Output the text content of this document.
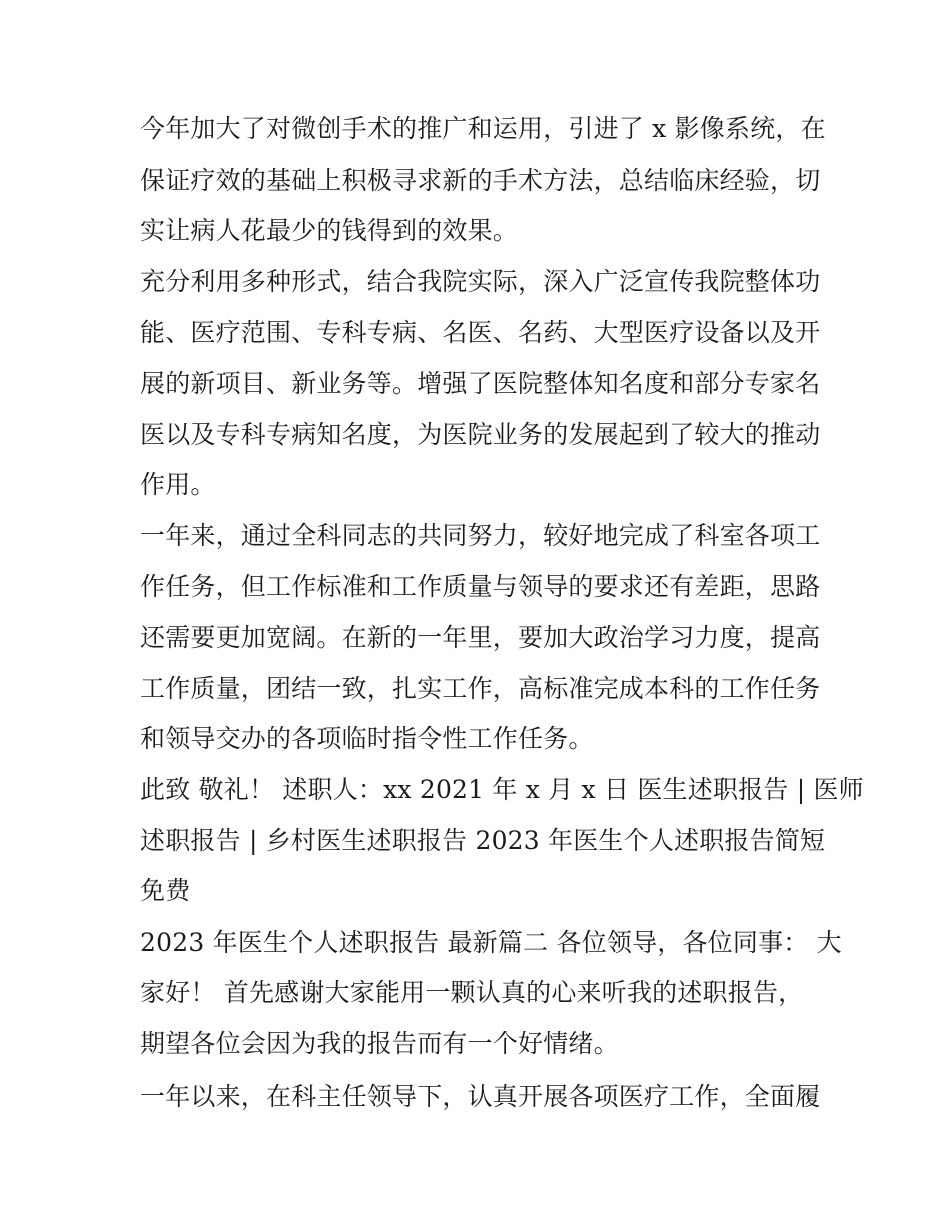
今年加大了对微创手术的推广和运用，引进了 x 影像系统，在
保证疗效的基础上积极寻求新的手术方法，总结临床经验，切
实让病人花最少的钱得到的效果。
充分利用多种形式，结合我院实际，深入广泛宣传我院整体功
能、医疗范围、专科专病、名医、名药、大型医疗设备以及开
展的新项目、新业务等。增强了医院整体知名度和部分专家名
医以及专科专病知名度，为医院业务的发展起到了较大的推动
作用。
一年来，通过全科同志的共同努力，较好地完成了科室各项工
作任务，但工作标准和工作质量与领导的要求还有差距，思路
还需要更加宽阔。在新的一年里，要加大政治学习力度，提高
工作质量，团结一致，扎实工作，高标准完成本科的工作任务
和领导交办的各项临时指令性工作任务。
此致 敬礼！ 述职人：xx 2021 年 x 月 x 日 医生述职报告 | 医师
述职报告 | 乡村医生述职报告 2023 年医生个人述职报告简短
免费
2023 年医生个人述职报告 最新篇二 各位领导，各位同事： 大
家好！ 首先感谢大家能用一颗认真的心来听我的述职报告，
期望各位会因为我的报告而有一个好情绪。
一年以来，在科主任领导下，认真开展各项医疗工作，全面履
